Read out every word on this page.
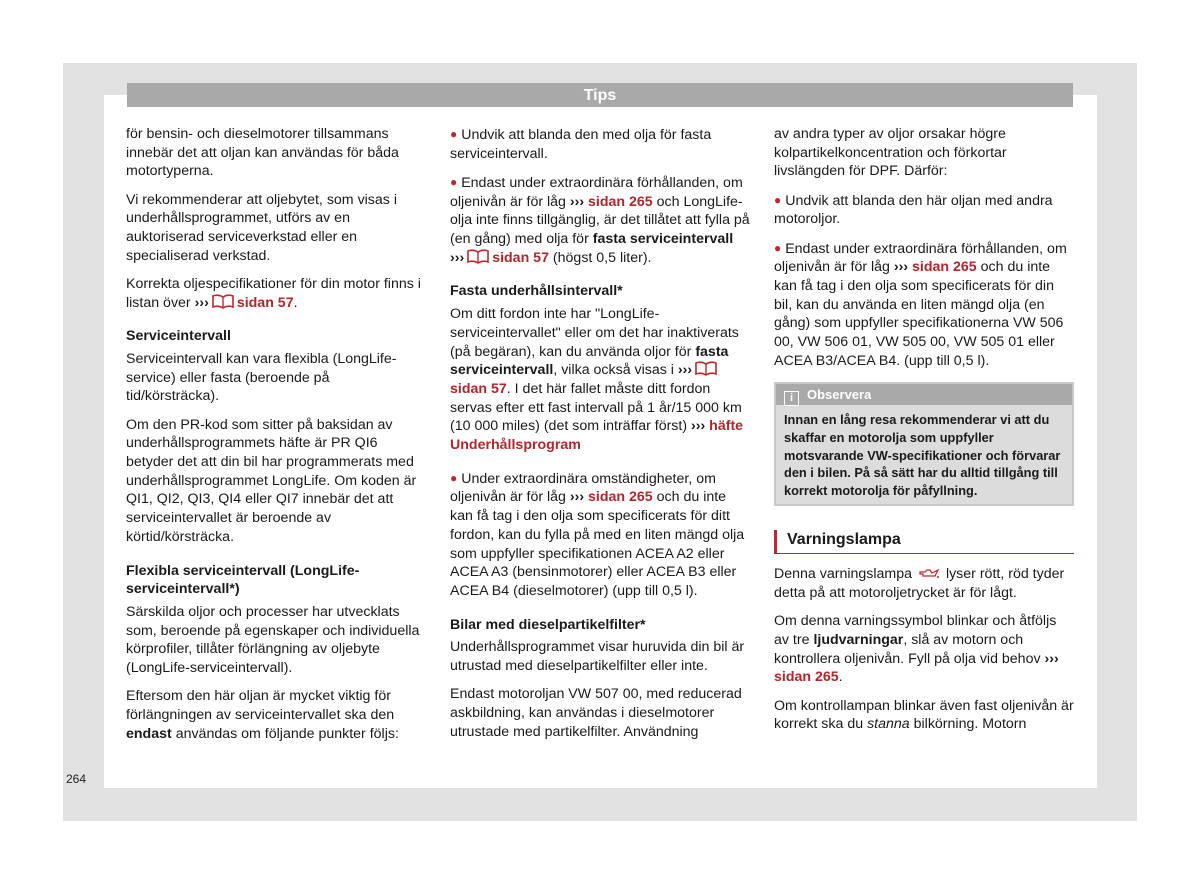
Tips

för bensin- och dieselmotorer tillsammans innebär det att oljan kan användas för båda motortyperna.

Vi rekommenderar att oljebytet, som visas i underhållsprogrammet, utförs av en auktoriserad serviceverkstad eller en specialiserad verkstad.

Korrekta oljespecifikationer för din motor finns i listan över ››› sidan 57.

Serviceintervall

Serviceintervall kan vara flexibla (LongLife-service) eller fasta (beroende på tid/körsträcka).

Om den PR-kod som sitter på baksidan av underhållsprogrammets häfte är PR QI6 betyder det att din bil har programmerats med underhållsprogrammet LongLife. Om koden är QI1, QI2, QI3, QI4 eller QI7 innebär det att serviceintervallet är beroende av körtid/körsträcka.

Flexibla serviceintervall (LongLife-serviceintervall*)

Särskilda oljor och processer har utvecklats som, beroende på egenskaper och individuella körprofiler, tillåter förlängning av oljebyte (LongLife-serviceintervall).

Eftersom den här oljan är mycket viktig för förlängningen av serviceintervallet ska den endast användas om följande punkter följs:

● Undvik att blanda den med olja för fasta serviceintervall.

● Endast under extraordinära förhållanden, om oljenivån är för låg ››› sidan 265 och LongLife-olja inte finns tillgänglig, är det tillåtet att fylla på (en gång) med olja för fasta serviceintervall ››› sidan 57 (högst 0,5 liter).

Fasta underhållsintervall*

Om ditt fordon inte har "LongLife-serviceintervallet" eller om det har inaktiverats (på begäran), kan du använda oljor för fasta serviceintervall, vilka också visas i ›››sidan 57. I det här fallet måste ditt fordon servas efter ett fast intervall på 1 år/15 000 km (10 000 miles) (det som inträffar först) ››› häfte Underhållsprogram

● Under extraordinära omständigheter, om oljenivån är för låg ››› sidan 265 och du inte kan få tag i den olja som specificerats för ditt fordon, kan du fylla på med en liten mängd olja som uppfyller specifikationen ACEA A2 eller ACEA A3 (bensinmotorer) eller ACEA B3 eller ACEA B4 (dieselmotorer) (upp till 0,5 l).

Bilar med dieselpartikelfilter*

Underhållsprogrammet visar huruvida din bil är utrustad med dieselpartikelfilter eller inte.

Endast motoroljan VW 507 00, med reducerad askbildning, kan användas i dieselmotorer utrustade med partikelfilter. Användning

av andra typer av oljor orsakar högre kolpartikelkoncentration och förkortar livslängden för DPF. Därför:

● Undvik att blanda den här oljan med andra motoroljor.

● Endast under extraordinära förhållanden, om oljenivån är för låg ››› sidan 265 och du inte kan få tag i den olja som specificerats för din bil, kan du använda en liten mängd olja (en gång) som uppfyller specifikationerna VW 506 00, VW 506 01, VW 505 00, VW 505 01 eller ACEA B3/ACEA B4. (upp till 0,5 l).

i Observera
Innan en lång resa rekommenderar vi att du skaffar en motorolja som uppfyller motsvarande VW-specifikationer och förvarar den i bilen. På så sätt har du alltid tillgång till korrekt motorolja för påfyllning.
Varningslampa

Denna varningslampa lyser rött, röd tyder detta på att motoroljetrycket är för lågt.

Om denna varningssymbol blinkar och åtföljs av tre ljudvarningar, slå av motorn och kontrollera oljenivån. Fyll på olja vid behov ››› sidan 265.

Om kontrollampan blinkar även fast oljenivån är korrekt ska du stanna bilkörning. Motorn

264
